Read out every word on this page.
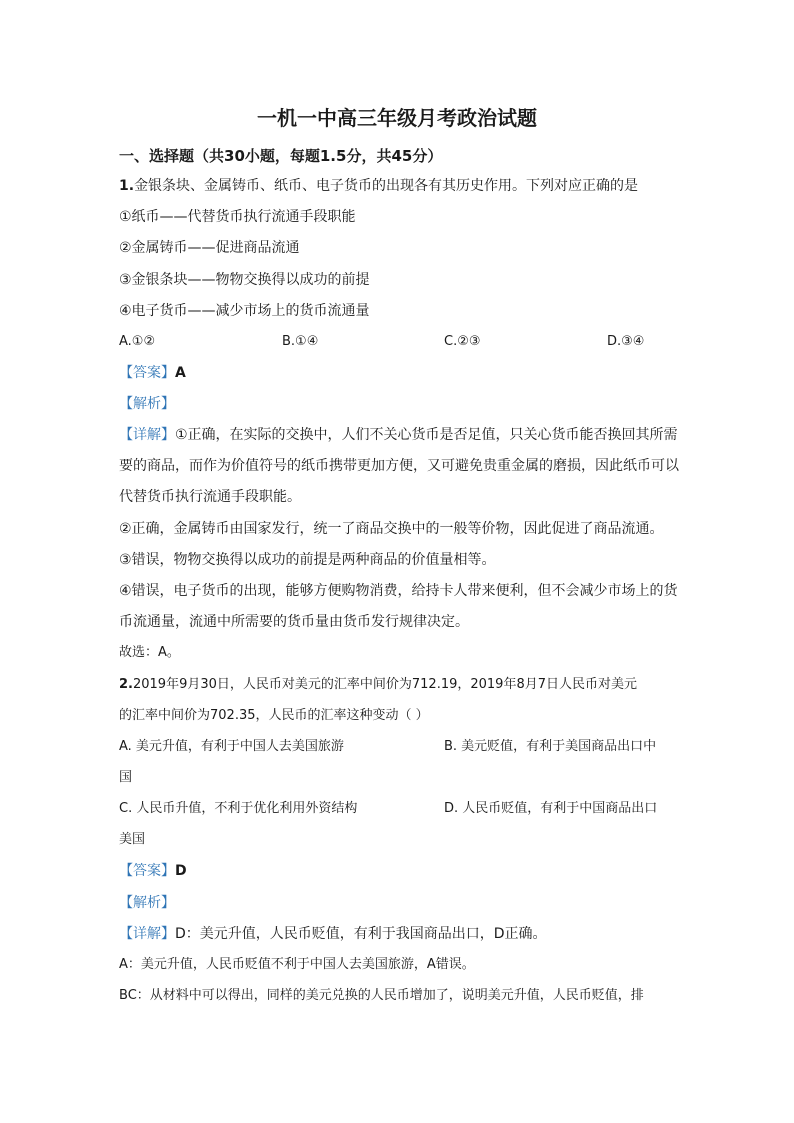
一机一中高三年级月考政治试题
一、选择题（共30小题，每题1.5分，共45分）
1.金银条块、金属铸币、纸币、电子货币的出现各有其历史作用。下列对应正确的是
①纸币——代替货币执行流通手段职能
②金属铸币——促进商品流通
③金银条块——物物交换得以成功的前提
④电子货币——减少市场上的货币流通量
A.①②	B.①④	C.②③	D.③④
【答案】A
【解析】
【详解】①正确，在实际的交换中，人们不关心货币是否足值，只关心货币能否换回其所需
要的商品，而作为价值符号的纸币携带更加方便，又可避免贵重金属的磨损，因此纸币可以
代替货币执行流通手段职能。
②正确，金属铸币由国家发行，统一了商品交换中的一般等价物，因此促进了商品流通。
③错误，物物交换得以成功的前提是两种商品的价值量相等。
④错误，电子货币的出现，能够方便购物消费，给持卡人带来便利，但不会减少市场上的货
币流通量，流通中所需要的货币量由货币发行规律决定。
故选：A。
2.2019年9月30日，人民币对美元的汇率中间价为712.19，2019年8月7日人民币对美元
的汇率中间价为702.35，人民币的汇率这种变动（ ）
A. 美元升值，有利于中国人去美国旅游	B. 美元贬值，有利于美国商品出口中
国
C. 人民币升值，不利于优化利用外资结构	D. 人民币贬值，有利于中国商品出口
美国
【答案】D
【解析】
【详解】D：美元升值，人民币贬值，有利于我国商品出口，D正确。
A：美元升值，人民币贬值不利于中国人去美国旅游，A错误。
BC：从材料中可以得出，同样的美元兑换的人民币增加了，说明美元升值，人民币贬值，排
